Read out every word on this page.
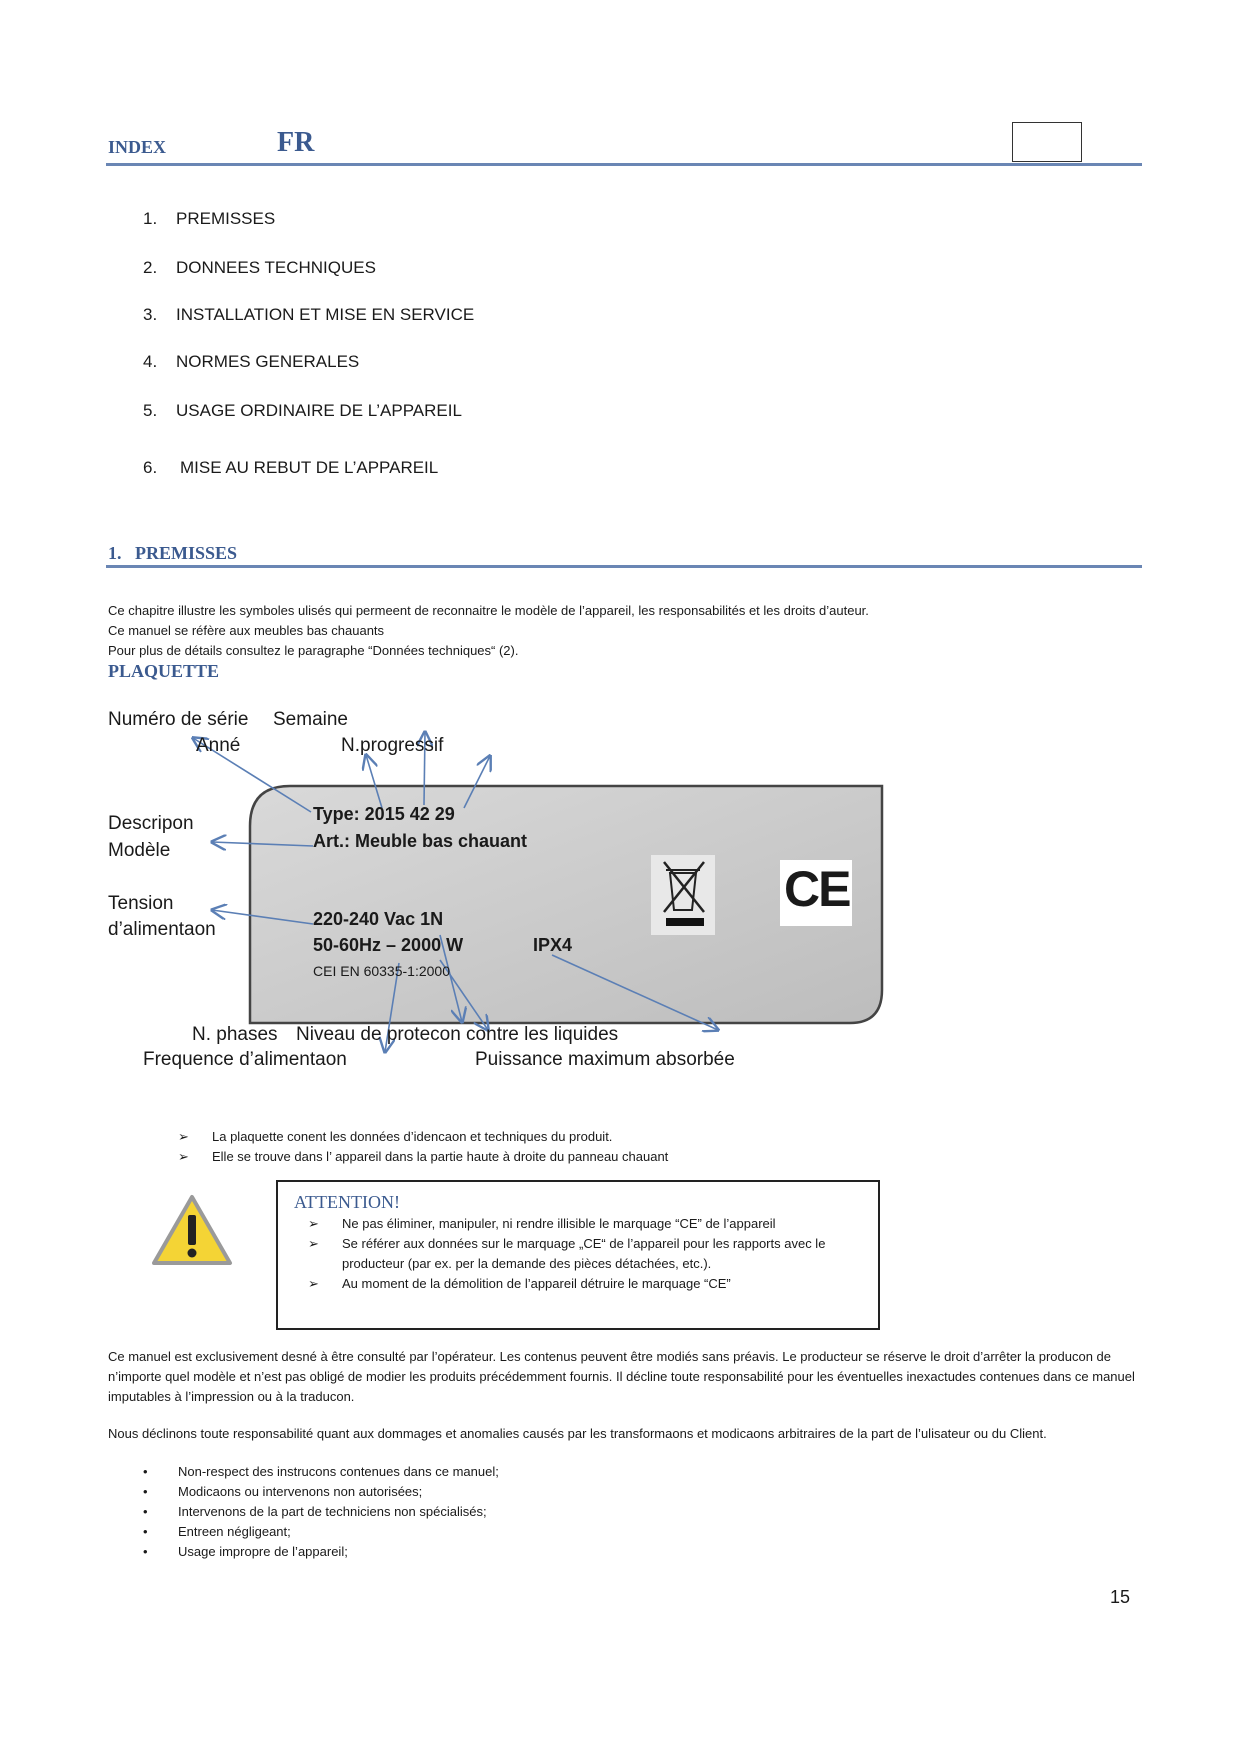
INDEX	FR
1. PREMISSES
2. DONNEES TECHNIQUES
3. INSTALLATION ET MISE EN SERVICE
4. NORMES GENERALES
5. USAGE ORDINAIRE DE L’APPAREIL
6. MISE AU REBUT DE L’APPAREIL
1. PREMISSES
Ce chapitre illustre les symboles ulisés qui permeent de reconnaitre le modèle de l’appareil, les responsabilités et les droits d’auteur.
Ce manuel se réfère aux meubles bas chauants
Pour plus de détails consultez le paragraphe “Données techniques“ (2).
PLAQUETTE
Type: 2015 42 29
Art.: Meuble bas chauant
220-240 Vac 1N
50-60Hz – 2000 W	IPX4
CEI EN 60335-1:2000
CE
Numéro de série Semaine
Anné	N.progressif
Descripon
Modèle
Tension
d’alimentaon
N. phases Niveau de protecon contre les liquides
Frequence d’alimentaon	Puissance maximum absorbée
➢	La plaquette conent les données d’idencaon et techniques du produit.
➢	Elle se trouve dans l’ appareil dans la partie haute à droite du panneau chauant
ATTENTION!
➢	Ne pas éliminer, manipuler, ni rendre illisible le marquage “CE” de l’appareil
➢	Se référer aux données sur le marquage „CE“ de l’appareil pour les rapports avec le producteur (par ex. per la demande des pièces détachées, etc.).
➢	Au moment de la démolition de l’appareil détruire le marquage “CE”
Ce manuel est exclusivement desné à être consulté par l’opérateur. Les contenus peuvent être modiés sans préavis. Le producteur se réserve le droit d’arrêter la producon de n’importe quel modèle et n’est pas obligé de modier les produits précédemment fournis. Il décline toute responsabilité pour les éventuelles inexactudes contenues dans ce manuel imputables à l’impression ou à la traducon.
Nous déclinons toute responsabilité quant aux dommages et anomalies causés par les transformaons et modicaons arbitraires de la part de l’ulisateur ou du Client.
•	Non-respect des instrucons contenues dans ce manuel;
•	Modicaons ou intervenons non autorisées;
•	Intervenons de la part de techniciens non spécialisés;
•	Entreen négligeant;
•	Usage impropre de l’appareil;
15
